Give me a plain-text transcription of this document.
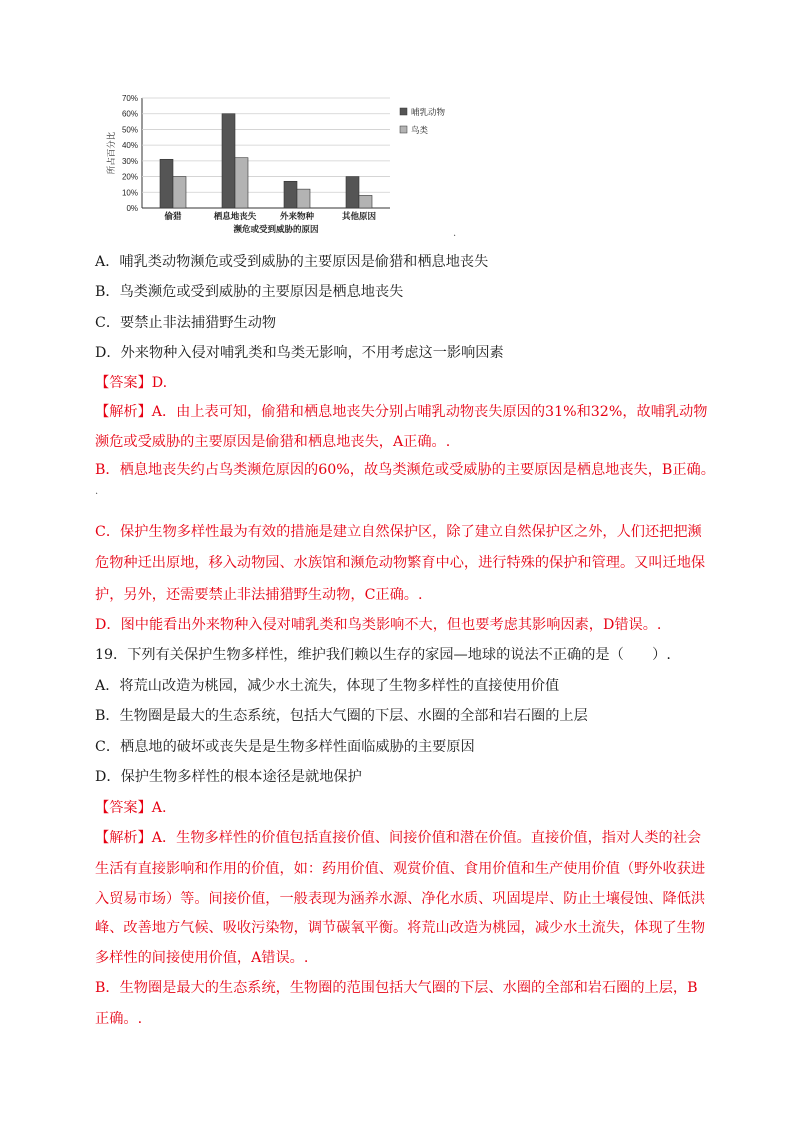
0%
10%
20%
30%
40%
50%
60%
70%
偷猎	栖息地丧失	外来物种	其他原因
濒危或受到威胁的原因
所占百分比
哺乳动物
鸟类
A．哺乳类动物濒危或受到威胁的主要原因是偷猎和栖息地丧失
B．鸟类濒危或受到威胁的主要原因是栖息地丧失
C．要禁止非法捕猎野生动物
D．外来物种入侵对哺乳类和鸟类无影响，不用考虑这一影响因素
【答案】D.
【解析】A．由上表可知，偷猎和栖息地丧失分别占哺乳动物丧失原因的31%和32%，故哺乳动物
濒危或受威胁的主要原因是偷猎和栖息地丧失，A正确。.
B．栖息地丧失约占鸟类濒危原因的60%，故鸟类濒危或受威胁的主要原因是栖息地丧失，B正确。
C．保护生物多样性最为有效的措施是建立自然保护区，除了建立自然保护区之外，人们还把把濒
危物种迁出原地，移入动物园、水族馆和濒危动物繁育中心，进行特殊的保护和管理。又叫迁地保
护，另外，还需要禁止非法捕猎野生动物，C正确。.
D．图中能看出外来物种入侵对哺乳类和鸟类影响不大，但也要考虑其影响因素，D错误。.
19．下列有关保护生物多样性，维护我们赖以生存的家园—地球的说法不正确的是（　　）.
A．将荒山改造为桃园，减少水土流失，体现了生物多样性的直接使用价值
B．生物圈是最大的生态系统，包括大气圈的下层、水圈的全部和岩石圈的上层
C．栖息地的破坏或丧失是是生物多样性面临威胁的主要原因
D．保护生物多样性的根本途径是就地保护
【答案】A.
【解析】A．生物多样性的价值包括直接价值、间接价值和潜在价值。直接价值，指对人类的社会
生活有直接影响和作用的价值，如：药用价值、观赏价值、食用价值和生产使用价值（野外收获进
入贸易市场）等。间接价值，一般表现为涵养水源、净化水质、巩固堤岸、防止土壤侵蚀、降低洪
峰、改善地方气候、吸收污染物，调节碳氧平衡。将荒山改造为桃园，减少水土流失，体现了生物
多样性的间接使用价值，A错误。.
B．生物圈是最大的生态系统，生物圈的范围包括大气圈的下层、水圈的全部和岩石圈的上层，B
正确。.
.
.
